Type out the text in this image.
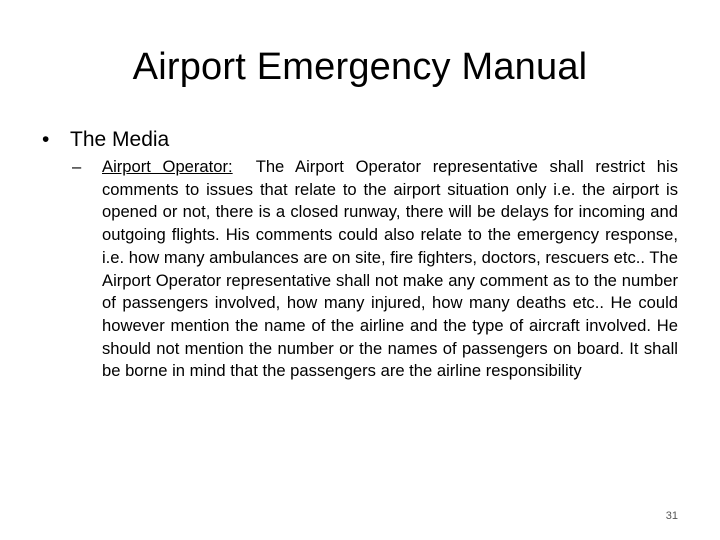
Airport Emergency Manual
• The Media
–	Airport Operator: The Airport Operator representative shall restrict his comments to issues that relate to the airport situation only i.e. the airport is opened or not, there is a closed runway, there will be delays for incoming and outgoing flights. His comments could also relate to the emergency response, i.e. how many ambulances are on site, fire fighters, doctors, rescuers etc.. The Airport Operator representative shall not make any comment as to the number of passengers involved, how many injured, how many deaths etc.. He could however mention the name of the airline and the type of aircraft involved. He should not mention the number or the names of passengers on board. It shall be borne in mind that the passengers are the airline responsibility
31
